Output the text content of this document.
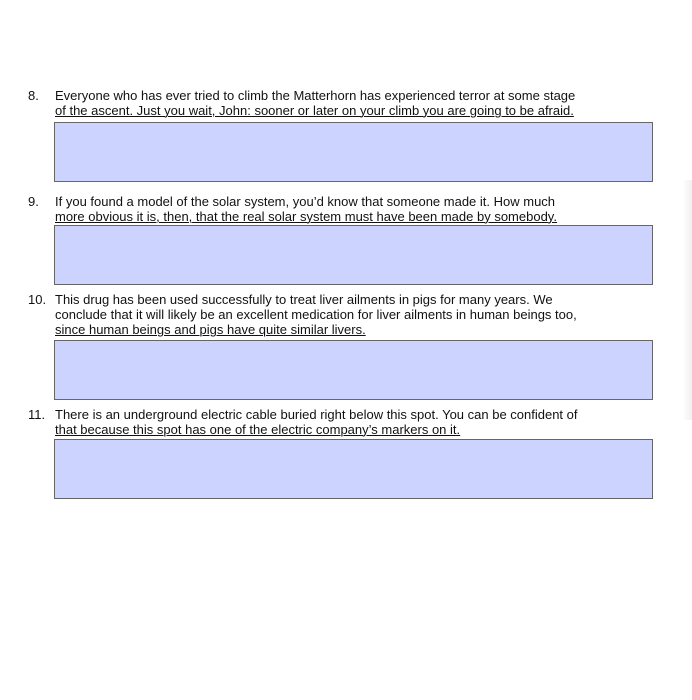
8.	Everyone who has ever tried to climb the Matterhorn has experienced terror at some stage
of the ascent. Just you wait, John: sooner or later on your climb you are going to be afraid.
9.	If you found a model of the solar system, you’d know that someone made it. How much
more obvious it is, then, that the real solar system must have been made by somebody.
10. This drug has been used successfully to treat liver ailments in pigs for many years. We
conclude that it will likely be an excellent medication for liver ailments in human beings too,
since human beings and pigs have quite similar livers.
11. There is an underground electric cable buried right below this spot. You can be confident of
that because this spot has one of the electric company’s markers on it.
